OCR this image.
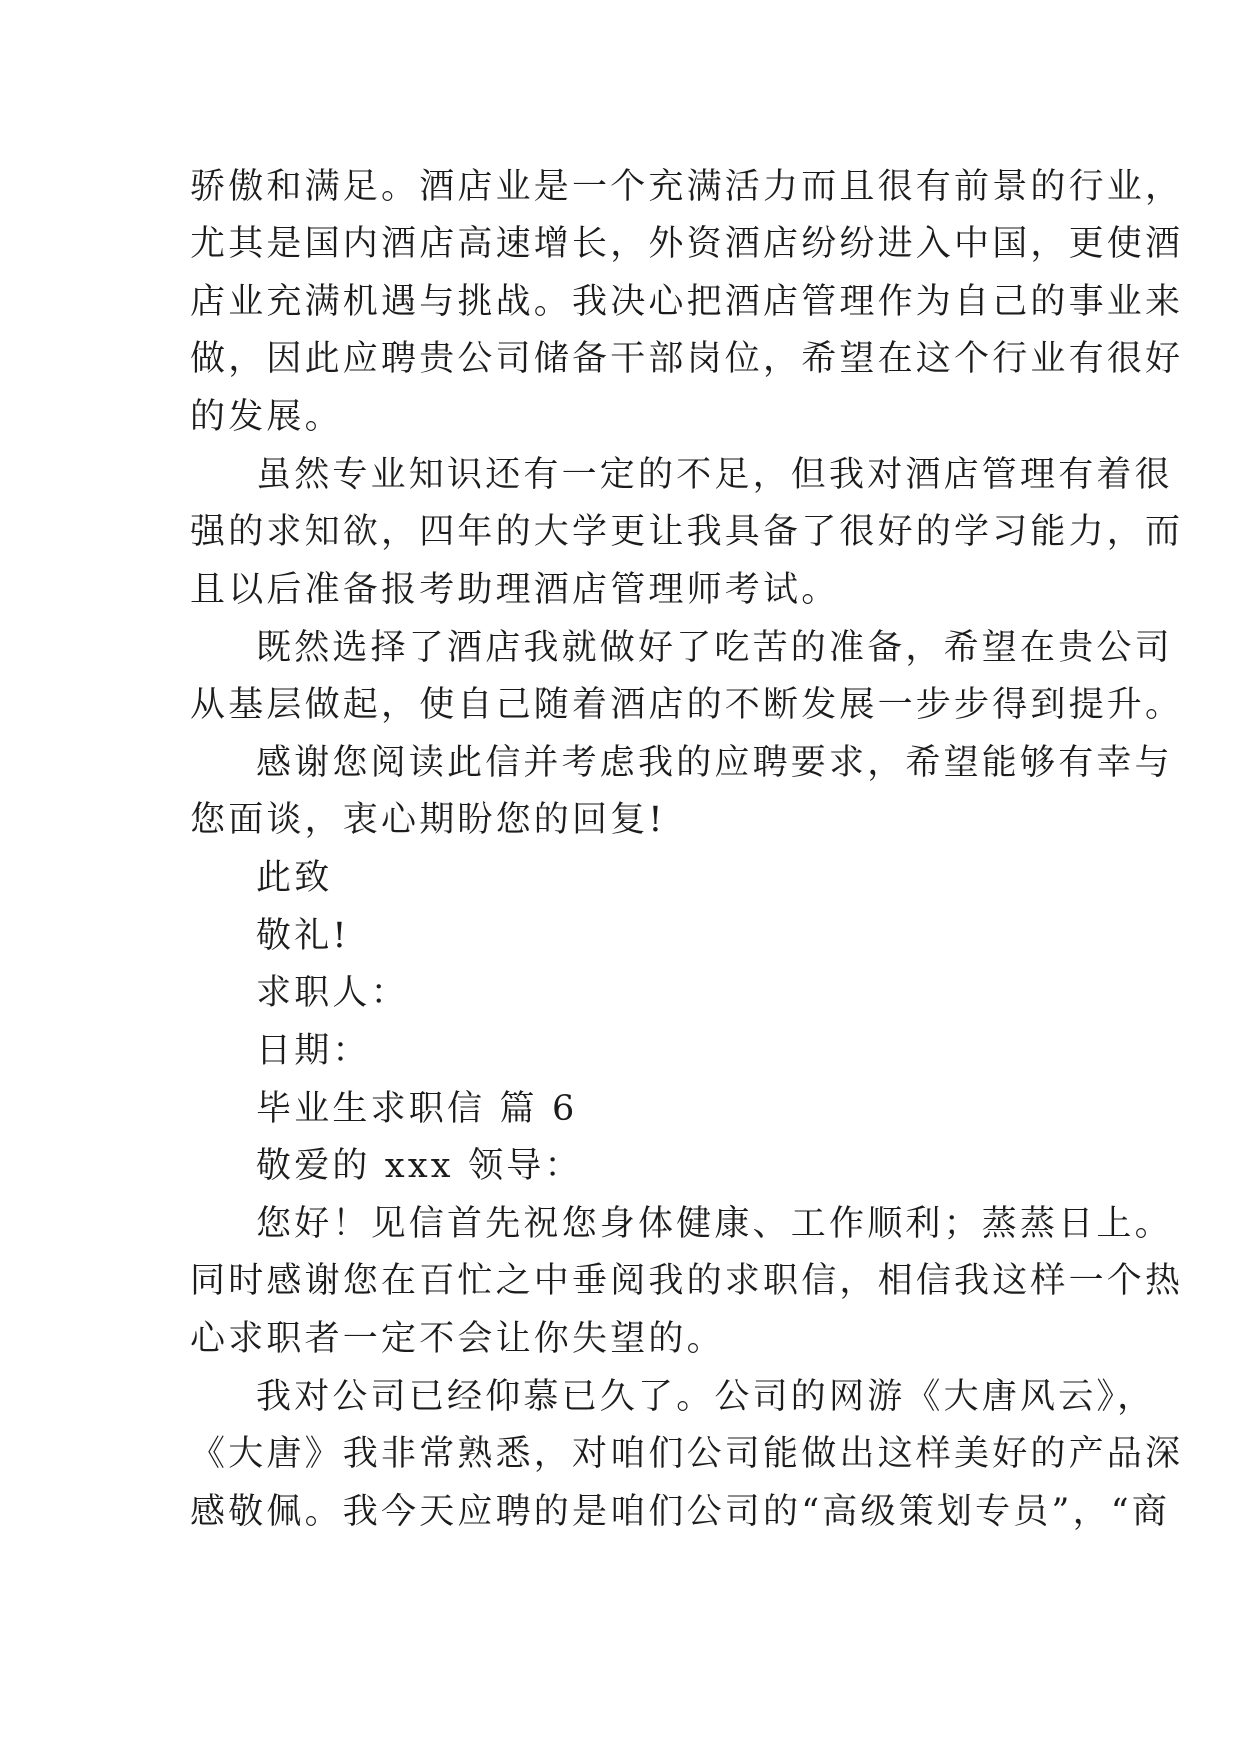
骄傲和满足。酒店业是一个充满活力而且很有前景的行业，
尤其是国内酒店高速增长，外资酒店纷纷进入中国，更使酒
店业充满机遇与挑战。我决心把酒店管理作为自己的事业来
做，因此应聘贵公司储备干部岗位，希望在这个行业有很好
的发展。
虽然专业知识还有一定的不足，但我对酒店管理有着很
强的求知欲，四年的大学更让我具备了很好的学习能力，而
且以后准备报考助理酒店管理师考试。
既然选择了酒店我就做好了吃苦的准备，希望在贵公司
从基层做起，使自己随着酒店的不断发展一步步得到提升。
感谢您阅读此信并考虑我的应聘要求，希望能够有幸与
您面谈，衷心期盼您的回复!
此致
敬礼!
求职人：
日期：
毕业生求职信 篇 6
敬爱的 xxx 领导：
您好！见信首先祝您身体健康、工作顺利；蒸蒸日上。
同时感谢您在百忙之中垂阅我的求职信，相信我这样一个热
心求职者一定不会让你失望的。
我对公司已经仰慕已久了。公司的网游《大唐风云》，
《大唐》我非常熟悉，对咱们公司能做出这样美好的产品深
感敬佩。我今天应聘的是咱们公司的“高级策划专员”，“商
